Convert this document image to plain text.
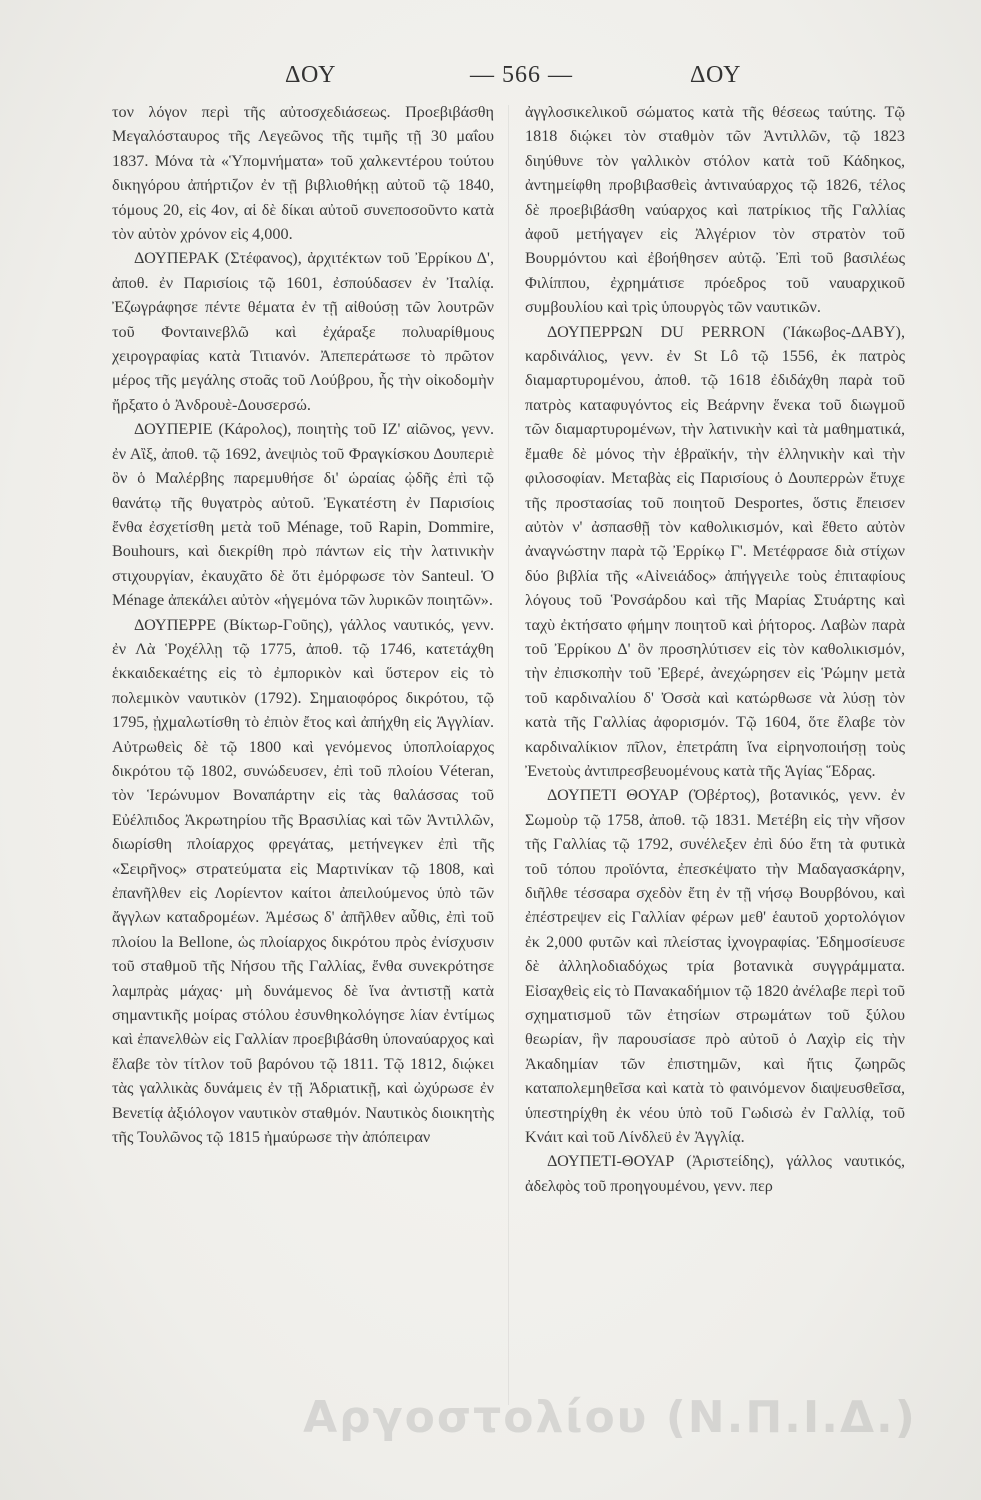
ΔΟΥ	— 566 —	ΔΟΥ

τον λόγον περὶ τῆς αὐτοσχεδιάσεως. Προεβιβάσθη Μεγαλόσταυρος τῆς Λεγεῶνος τῆς τιμῆς τῇ 30 μαΐου 1837. Μόνα τὰ «Ὑπομνήματα» τοῦ χαλκεντέρου τούτου δικηγόρου ἀπήρτιζον ἐν τῇ βιβλιοθήκῃ αὐτοῦ τῷ 1840, τόμους 20, εἰς 4ον, αἱ δὲ δίκαι αὐτοῦ συνεποσοῦντο κατὰ τὸν αὐτὸν χρόνον εἰς 4,000.

ΔΟΥΠΕΡΑΚ (Στέφανος), ἀρχιτέκτων τοῦ Ἐρρίκου Δ', ἀποθ. ἐν Παρισίοις τῷ 1601, ἐσπούδασεν ἐν Ἰταλίᾳ. Ἐζωγράφησε πέντε θέματα ἐν τῇ αἰθούσῃ τῶν λουτρῶν τοῦ Φονταινεβλῶ καὶ ἐχάραξε πολυαρίθμους χειρογραφίας κατὰ Τιτιανόν. Ἀπεπεράτωσε τὸ πρῶτον μέρος τῆς μεγάλης στοᾶς τοῦ Λούβρου, ἧς τὴν οἰκοδομὴν ἤρξατο ὁ Ἀνδρουὲ-Δουσερσώ.

ΔΟΥΠΕΡΙΕ (Κάρολος), ποιητὴς τοῦ ΙΖ' αἰῶνος, γενν. ἐν Αἲξ, ἀποθ. τῷ 1692, ἀνεψιὸς τοῦ Φραγκίσκου Δουπεριὲ ὃν ὁ Μαλέρβης παρεμυθήσε δι' ὡραίας ᾠδῆς ἐπὶ τῷ θανάτῳ τῆς θυγατρὸς αὐτοῦ. Ἐγκατέστη ἐν Παρισίοις ἔνθα ἐσχετίσθη μετὰ τοῦ Ménage, τοῦ Rapin, Dommire, Bouhours, καὶ διεκρίθη πρὸ πάντων εἰς τὴν λατινικὴν στιχουργίαν, ἐκαυχᾶτο δὲ ὅτι ἐμόρφωσε τὸν Santeul. Ὁ Ménage ἀπεκάλει αὐτὸν «ἡγεμόνα τῶν λυρικῶν ποιητῶν».

ΔΟΥΠΕΡΡΕ (Βίκτωρ-Γοῦης), γάλλος ναυτικός, γενν. ἐν Λὰ Ῥοχέλλῃ τῷ 1775, ἀποθ. τῷ 1746, κατετάχθη ἑκκαιδεκαέτης εἰς τὸ ἐμπορικὸν καὶ ὕστερον εἰς τὸ πολεμικὸν ναυτικὸν (1792). Σημαιοφόρος δικρότου, τῷ 1795, ᾐχμαλωτίσθη τὸ ἐπιὸν ἔτος καὶ ἀπήχθη εἰς Ἀγγλίαν. Αὐτρωθεὶς δὲ τῷ 1800 καὶ γενόμενος ὑποπλοίαρχος δικρότου τῷ 1802, συνώδευσεν, ἐπὶ τοῦ πλοίου Véteran, τὸν Ἱερώνυμον Βοναπάρτην εἰς τὰς θαλάσσας τοῦ Εὐέλπιδος Ἀκρωτηρίου τῆς Βρασιλίας καὶ τῶν Ἀντιλλῶν, διωρίσθη πλοίαρχος φρεγάτας, μετήνεγκεν ἐπὶ τῆς «Σειρῆνος» στρατεύματα εἰς Μαρτινίκαν τῷ 1808, καὶ ἐπανῆλθεν εἰς Λορίεντον καίτοι ἀπειλούμενος ὑπὸ τῶν ἄγγλων καταδρομέων. Ἀμέσως δ' ἀπῆλθεν αὖθις, ἐπὶ τοῦ πλοίου la Bellone, ὡς πλοίαρχος δικρότου πρὸς ἐνίσχυσιν τοῦ σταθμοῦ τῆς Νήσου τῆς Γαλλίας, ἔνθα συνεκρότησε λαμπρὰς μάχας· μὴ δυνάμενος δὲ ἵνα ἀντιστῇ κατὰ σημαντικῆς μοίρας στόλου ἐσυνθηκολόγησε λίαν ἐντίμως καὶ ἐπανελθὼν εἰς Γαλλίαν προεβιβάσθη ὑποναύαρχος καὶ ἔλαβε τὸν τίτλον τοῦ βαρόνου τῷ 1811. Τῷ 1812, διῴκει τὰς γαλλικὰς δυνάμεις ἐν τῇ Ἀδριατικῇ, καὶ ὠχύρωσε ἐν Βενετίᾳ ἀξιόλογον ναυτικὸν σταθμόν. Ναυτικὸς διοικητὴς τῆς Τουλῶνος τῷ 1815 ἠμαύρωσε τὴν ἀπόπειραν

ἀγγλοσικελικοῦ σώματος κατὰ τῆς θέσεως ταύτης. Τῷ 1818 διῴκει τὸν σταθμὸν τῶν Ἀντιλλῶν, τῷ 1823 διηύθυνε τὸν γαλλικὸν στόλον κατὰ τοῦ Κάδηκος, ἀντημείφθη προβιβασθεὶς ἀντιναύαρχος τῷ 1826, τέλος δὲ προεβιβάσθη ναύαρχος καὶ πατρίκιος τῆς Γαλλίας ἀφοῦ μετήγαγεν εἰς Ἀλγέριον τὸν στρατὸν τοῦ Βουρμόντου καὶ ἐβοήθησεν αὐτῷ. Ἐπὶ τοῦ βασιλέως Φιλίππου, ἐχρημάτισε πρόεδρος τοῦ ναυαρχικοῦ συμβουλίου καὶ τρὶς ὑπουργὸς τῶν ναυτικῶν.

ΔΟΥΠΕΡΡΩΝ DU PERRON (Ἰάκωβος-ΔΑΒΥ), καρδινάλιος, γενν. ἐν St Lô τῷ 1556, ἐκ πατρὸς διαμαρτυρομένου, ἀποθ. τῷ 1618 ἐδιδάχθη παρὰ τοῦ πατρὸς καταφυγόντος εἰς Βεάρνην ἕνεκα τοῦ διωγμοῦ τῶν διαμαρτυρομένων, τὴν λατινικὴν καὶ τὰ μαθηματικά, ἔμαθε δὲ μόνος τὴν ἑβραϊκήν, τὴν ἑλληνικὴν καὶ τὴν φιλοσοφίαν. Μεταβὰς εἰς Παρισίους ὁ Δουπερρὼν ἔτυχε τῆς προστασίας τοῦ ποιητοῦ Desportes, ὅστις ἔπεισεν αὐτὸν ν' ἀσπασθῇ τὸν καθολικισμόν, καὶ ἔθετο αὐτὸν ἀναγνώστην παρὰ τῷ Ἐρρίκῳ Γ'. Μετέφρασε διὰ στίχων δύο βιβλία τῆς «Αἰνειάδος» ἀπήγγειλε τοὺς ἐπιταφίους λόγους τοῦ Ῥονσάρδου καὶ τῆς Μαρίας Στυάρτης καὶ ταχὺ ἐκτήσατο φήμην ποιητοῦ καὶ ῥήτορος. Λαβὼν παρὰ τοῦ Ἐρρίκου Δ' ὃν προσηλύτισεν εἰς τὸν καθολικισμόν, τὴν ἐπισκοπὴν τοῦ Ἐβερέ, ἀνεχώρησεν εἰς Ῥώμην μετὰ τοῦ καρδιναλίου δ' Ὀσσὰ καὶ κατώρθωσε νὰ λύσῃ τὸν κατὰ τῆς Γαλλίας ἀφορισμόν. Τῷ 1604, ὅτε ἔλαβε τὸν καρδιναλίκιον πῖλον, ἐπετράπη ἵνα εἰρηνοποιήσῃ τοὺς Ἐνετοὺς ἀντιπρεσβευομένους κατὰ τῆς Ἁγίας Ἕδρας.

ΔΟΥΠΕΤΙ ΘΟΥΑΡ (Ὀβέρτος), βοτανικός, γενν. ἐν Σωμοὺρ τῷ 1758, ἀποθ. τῷ 1831. Μετέβη εἰς τὴν νῆσον τῆς Γαλλίας τῷ 1792, συνέλεξεν ἐπὶ δύο ἔτη τὰ φυτικὰ τοῦ τόπου προϊόντα, ἐπεσκέψατο τὴν Μαδαγασκάρην, διῆλθε τέσσαρα σχεδὸν ἔτη ἐν τῇ νήσῳ Βουρβόνου, καὶ ἐπέστρεψεν εἰς Γαλλίαν φέρων μεθ' ἑαυτοῦ χορτολόγιον ἐκ 2,000 φυτῶν καὶ πλείστας ἰχνογραφίας. Ἐδημοσίευσε δὲ ἀλληλοδιαδόχως τρία βοτανικὰ συγγράμματα. Εἰσαχθεὶς εἰς τὸ Πανακαδήμιον τῷ 1820 ἀνέλαβε περὶ τοῦ σχηματισμοῦ τῶν ἐτησίων στρωμάτων τοῦ ξύλου θεωρίαν, ἣν παρουσίασε πρὸ αὐτοῦ ὁ Λαχὶρ εἰς τὴν Ἀκαδημίαν τῶν ἐπιστημῶν, καὶ ἥτις ζωηρῶς καταπολεμηθεῖσα καὶ κατὰ τὸ φαινόμενον διαψευσθεῖσα, ὑπεστηρίχθη ἐκ νέου ὑπὸ τοῦ Γωδισὼ ἐν Γαλλίᾳ, τοῦ Κνάιτ καὶ τοῦ Λίνδλεϋ ἐν Ἀγγλίᾳ.

ΔΟΥΠΕΤΙ-ΘΟΥΑΡ (Ἀριστείδης), γάλλος ναυτικός, ἀδελφὸς τοῦ προηγουμένου, γενν. περ

Αργοστολίου (Ν.Π.Ι.Δ.)
